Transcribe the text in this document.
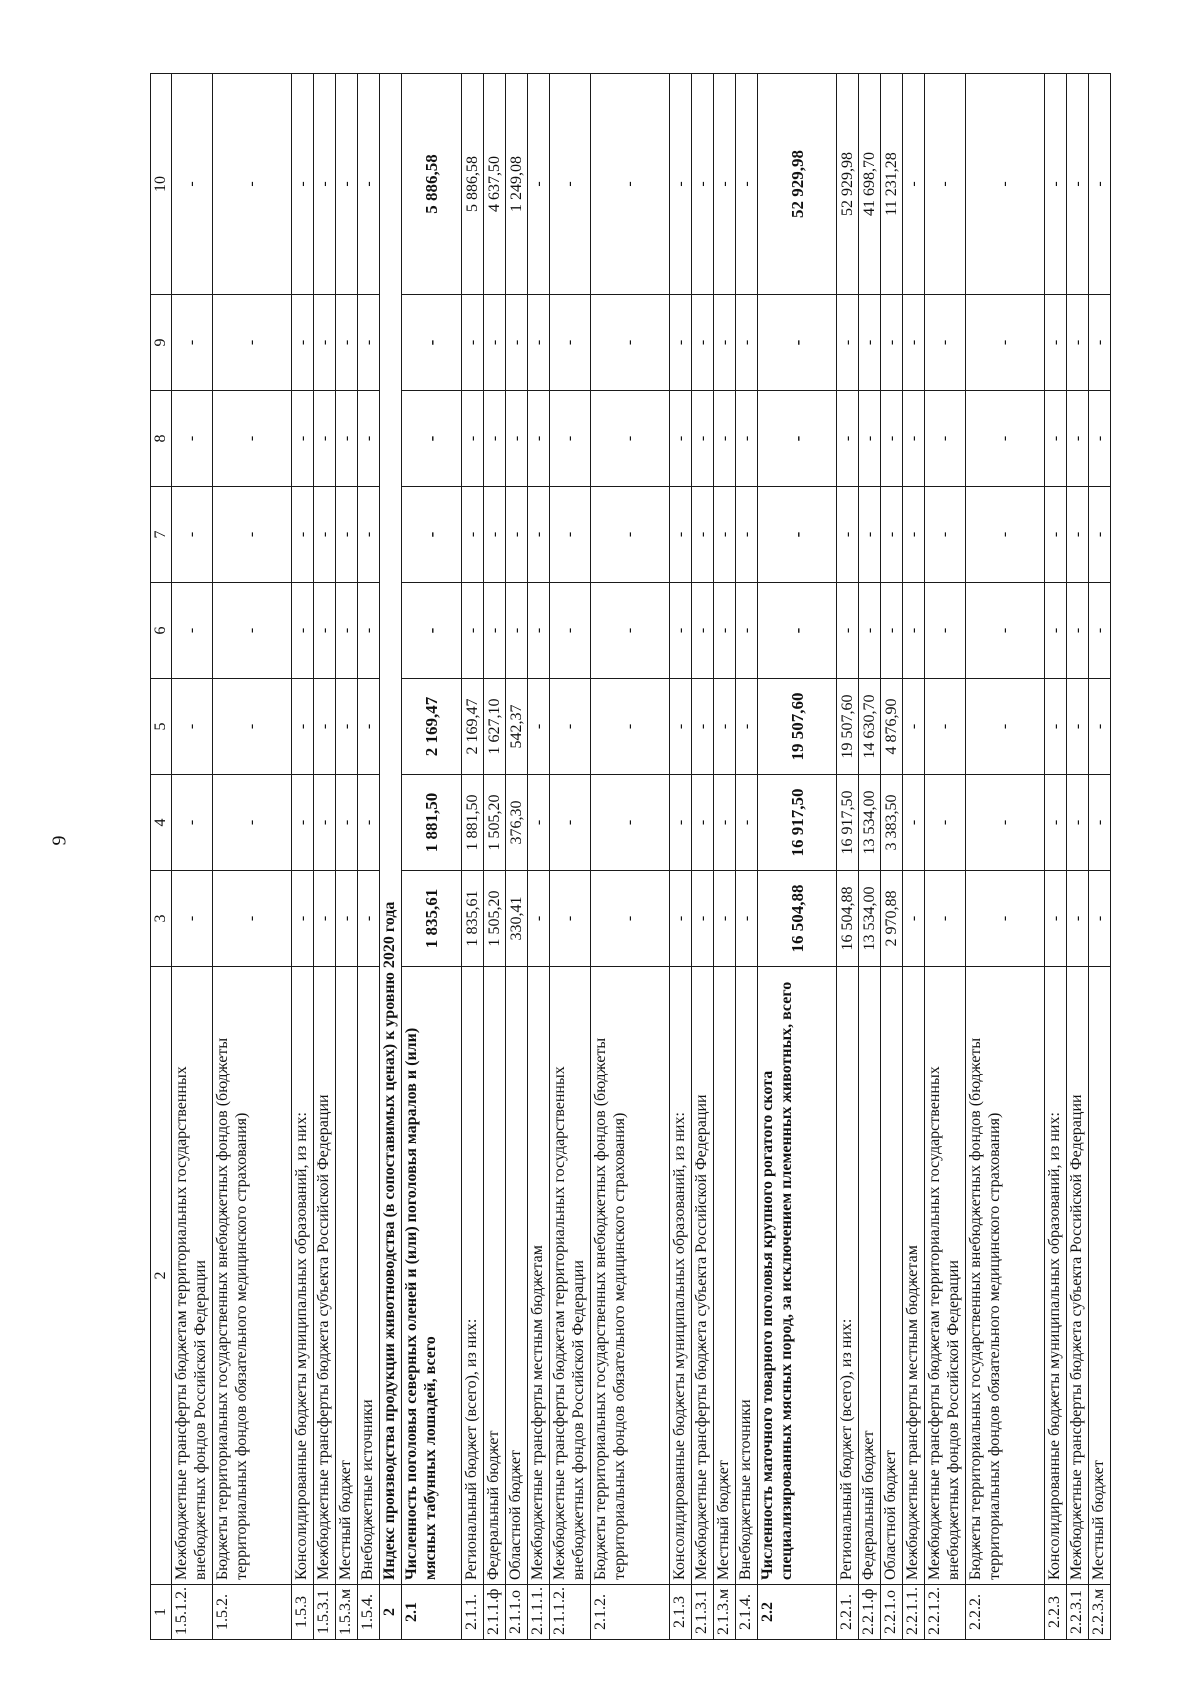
9
1	2	3	4	5	6	7	8	9	10
1.5.1.2.	Межбюджетные трансферты бюджетам территориальных государственных внебюджетных фондов Российской Федерации	-	-	-	-	-	-	-	-
1.5.2.	Бюджеты территориальных государственных внебюджетных фондов (бюджеты территориальных фондов обязательного медицинского страхования)	-	-	-	-	-	-	-	-
1.5.3	Консолидированные бюджеты муниципальных образований, из них:	-	-	-	-	-	-	-	-
1.5.3.1	Межбюджетные трансферты бюджета субъекта Российской Федерации	-	-	-	-	-	-	-	-
1.5.3.м	Местный бюджет	-	-	-	-	-	-	-	-
1.5.4.	Внебюджетные источники	-	-	-	-	-	-	-	-
2	Индекс производства продукции животноводства (в сопоставимых ценах) к уровню 2020 года								
2.1	Численность поголовья северных оленей и (или) поголовья маралов и (или) мясных табунных лошадей, всего	1 835,61	1 881,50	2 169,47	-	-	-	-	5 886,58
2.1.1.	Региональный бюджет (всего), из них:	1 835,61	1 881,50	2 169,47	-	-	-	-	5 886,58
2.1.1.ф	Федеральный бюджет	1 505,20	1 505,20	1 627,10	-	-	-	-	4 637,50
2.1.1.о	Областной бюджет	330,41	376,30	542,37	-	-	-	-	1 249,08
2.1.1.1.	Межбюджетные трансферты местным бюджетам	-	-	-	-	-	-	-	-
2.1.1.2.	Межбюджетные трансферты бюджетам территориальных государственных внебюджетных фондов Российской Федерации	-	-	-	-	-	-	-	-
2.1.2.	Бюджеты территориальных государственных внебюджетных фондов (бюджеты территориальных фондов обязательного медицинского страхования)	-	-	-	-	-	-	-	-
2.1.3	Консолидированные бюджеты муниципальных образований, из них:	-	-	-	-	-	-	-	-
2.1.3.1	Межбюджетные трансферты бюджета субъекта Российской Федерации	-	-	-	-	-	-	-	-
2.1.3.м	Местный бюджет	-	-	-	-	-	-	-	-
2.1.4.	Внебюджетные источники	-	-	-	-	-	-	-	-
2.2	Численность маточного товарного поголовья крупного рогатого скота специализированных мясных пород, за исключением племенных животных, всего	16 504,88	16 917,50	19 507,60	-	-	-	-	52 929,98
2.2.1.	Региональный бюджет (всего), из них:	16 504,88	16 917,50	19 507,60	-	-	-	-	52 929,98
2.2.1.ф	Федеральный бюджет	13 534,00	13 534,00	14 630,70	-	-	-	-	41 698,70
2.2.1.о	Областной бюджет	2 970,88	3 383,50	4 876,90	-	-	-	-	11 231,28
2.2.1.1.	Межбюджетные трансферты местным бюджетам	-	-	-	-	-	-	-	-
2.2.1.2.	Межбюджетные трансферты бюджетам территориальных государственных внебюджетных фондов Российской Федерации	-	-	-	-	-	-	-	-
2.2.2.	Бюджеты территориальных государственных внебюджетных фондов (бюджеты территориальных фондов обязательного медицинского страхования)	-	-	-	-	-	-	-	-
2.2.3	Консолидированные бюджеты муниципальных образований, из них:	-	-	-	-	-	-	-	-
2.2.3.1	Межбюджетные трансферты бюджета субъекта Российской Федерации	-	-	-	-	-	-	-	-
2.2.3.м	Местный бюджет	-	-	-	-	-	-	-	-
